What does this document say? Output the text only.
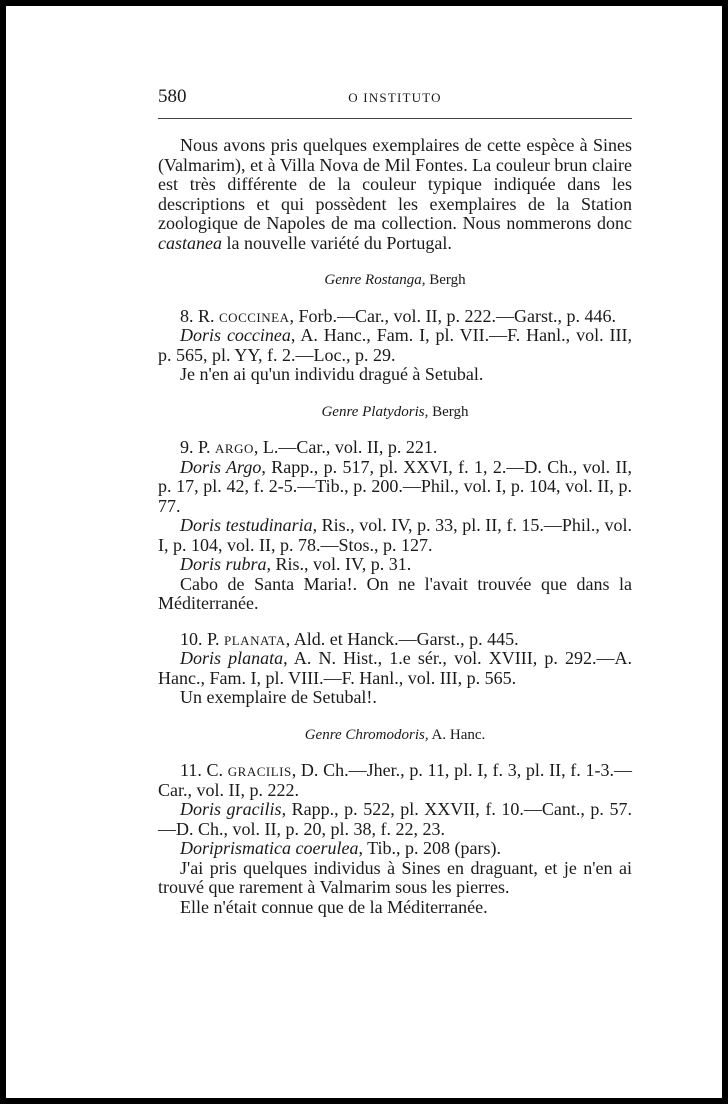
580	O INSTITUTO

Nous avons pris quelques exemplaires de cette espèce à Sines (Valmarim), et à Villa Nova de Mil Fontes. La couleur brun claire est très différente de la couleur typique indiquée dans les descriptions et qui possèdent les exemplaires de la Station zoologique de Napoles de ma collection. Nous nommerons donc castanea la nouvelle variété du Portugal.

Genre Rostanga, Bergh

8. R. coccinea, Forb.—Car., vol. II, p. 222.—Garst., p. 446.

Doris coccinea, A. Hanc., Fam. I, pl. VII.—F. Hanl., vol. III, p. 565, pl. YY, f. 2.—Loc., p. 29.

Je n'en ai qu'un individu dragué à Setubal.

Genre Platydoris, Bergh

9. P. argo, L.—Car., vol. II, p. 221.

Doris Argo, Rapp., p. 517, pl. XXVI, f. 1, 2.—D. Ch., vol. II, p. 17, pl. 42, f. 2-5.—Tib., p. 200.—Phil., vol. I, p. 104, vol. II, p. 77.

Doris testudinaria, Ris., vol. IV, p. 33, pl. II, f. 15.—Phil., vol. I, p. 104, vol. II, p. 78.—Stos., p. 127.

Doris rubra, Ris., vol. IV, p. 31.

Cabo de Santa Maria!. On ne l'avait trouvée que dans la Méditerranée.

10. P. planata, Ald. et Hanck.—Garst., p. 445.

Doris planata, A. N. Hist., 1.e sér., vol. XVIII, p. 292.—A. Hanc., Fam. I, pl. VIII.—F. Hanl., vol. III, p. 565.

Un exemplaire de Setubal!.

Genre Chromodoris, A. Hanc.

11. C. gracilis, D. Ch.—Jher., p. 11, pl. I, f. 3, pl. II, f. 1-3.—Car., vol. II, p. 222.

Doris gracilis, Rapp., p. 522, pl. XXVII, f. 10.—Cant., p. 57.—D. Ch., vol. II, p. 20, pl. 38, f. 22, 23.

Doriprismatica coerulea, Tib., p. 208 (pars).

J'ai pris quelques individus à Sines en draguant, et je n'en ai trouvé que rarement à Valmarim sous les pierres.

Elle n'était connue que de la Méditerranée.
